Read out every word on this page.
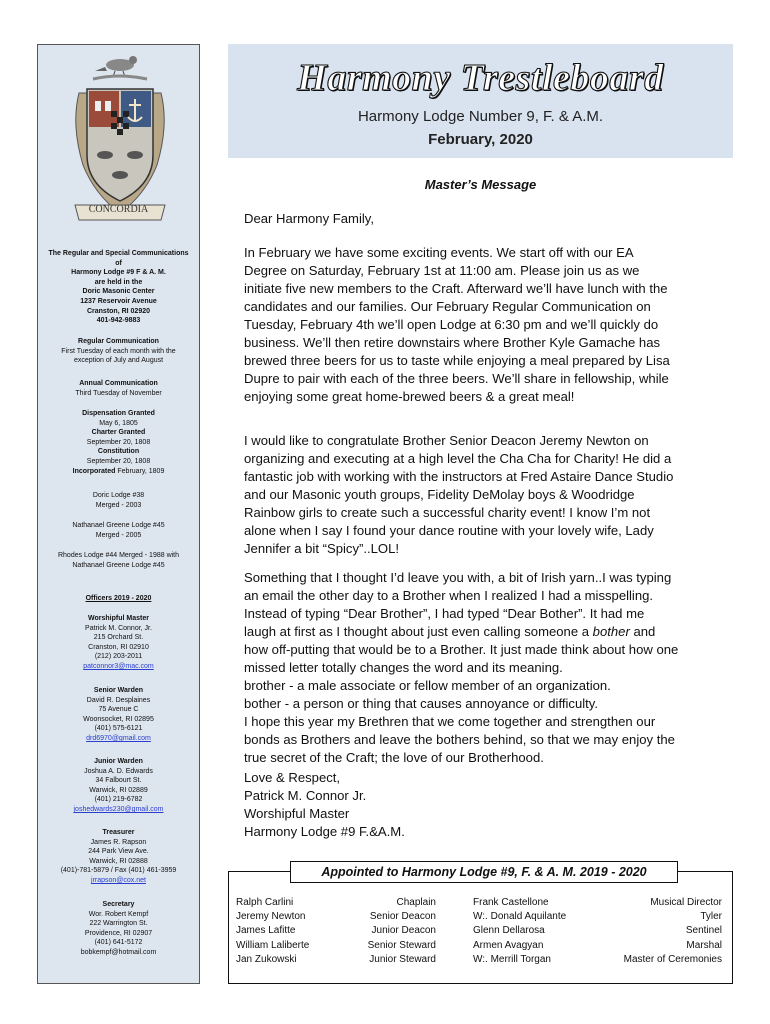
CONCORDIA
The Regular and Special Communications
of
Harmony Lodge #9 F & A. M.
are held in the
Doric Masonic Center
1237 Reservoir Avenue
Cranston, RI 02920
401-942-9883
Regular Communication
First Tuesday of each month with the
exception of July and August
Annual Communication
Third Tuesday of November
Dispensation Granted
May 6, 1805
Charter Granted
September 20, 1808
Constitution
September 20, 1808
Incorporated February, 1809
Doric Lodge #38
Merged - 2003
Nathanael Greene Lodge #45
Merged - 2005
Rhodes Lodge #44 Merged - 1988 with
Nathanael Greene Lodge #45
Officers 2019 - 2020
Worshipful Master
Patrick M. Connor, Jr.
215 Orchard St.
Cranston, RI 02910
(212) 203-2011
patconnor3@mac.com
Senior Warden
David R. Desplaines
75 Avenue C
Woonsocket, RI 02895
(401) 575-6121
drd6970@gmail.com
Junior Warden
Joshua A. D. Edwards
34 Falbourt St.
Warwick, RI 02889
(401) 219-6782
joshedwards230@gmail.com
Treasurer
James R. Rapson
244 Park View Ave.
Warwick, RI 02888
(401)-781-5879 / Fax (401) 461-3959
jrrapson@cox.net
Secretary
Wor. Robert Kempf
222 Warrington St.
Providence, RI 02907
(401) 641-5172
bobkempf@hotmail.com
Harmony Trestleboard
Harmony Lodge Number 9, F. & A.M.
February, 2020
Master’s Message
Dear Harmony Family,
In February we have some exciting events. We start off with our EA
Degree on Saturday, February 1st at 11:00 am. Please join us as we
initiate five new members to the Craft. Afterward we’ll have lunch with the
candidates and our families. Our February Regular Communication on
Tuesday, February 4th we’ll open Lodge at 6:30 pm and we’ll quickly do
business. We’ll then retire downstairs where Brother Kyle Gamache has
brewed three beers for us to taste while enjoying a meal prepared by Lisa
Dupre to pair with each of the three beers. We’ll share in fellowship, while
enjoying some great home-brewed beers & a great meal!
I would like to congratulate Brother Senior Deacon Jeremy Newton on
organizing and executing at a high level the Cha Cha for Charity! He did a
fantastic job with working with the instructors at Fred Astaire Dance Studio
and our Masonic youth groups, Fidelity DeMolay boys & Woodridge
Rainbow girls to create such a successful charity event! I know I’m not
alone when I say I found your dance routine with your lovely wife, Lady
Jennifer a bit “Spicy”..LOL!
Something that I thought I’d leave you with, a bit of Irish yarn..I was typing
an email the other day to a Brother when I realized I had a misspelling.
Instead of typing “Dear Brother”, I had typed “Dear Bother”. It had me
laugh at first as I thought about just even calling someone a bother and
how off-putting that would be to a Brother. It just made think about how one
missed letter totally changes the word and its meaning.
brother - a male associate or fellow member of an organization.
bother - a person or thing that causes annoyance or difficulty.
I hope this year my Brethren that we come together and strengthen our
bonds as Brothers and leave the bothers behind, so that we may enjoy the
true secret of the Craft; the love of our Brotherhood.
Love & Respect,
Patrick M. Connor Jr.
Worshipful Master
Harmony Lodge #9 F.&A.M.
Appointed to Harmony Lodge #9, F. & A. M. 2019 - 2020
Ralph Carlini
Jeremy Newton
James Lafitte
William Laliberte
Jan Zukowski
Chaplain
Senior Deacon
Junior Deacon
Senior Steward
Junior Steward
Frank Castellone
W:. Donald Aquilante
Glenn Dellarosa
Armen Avagyan
W:. Merrill Torgan
Musical Director
Tyler
Sentinel
Marshal
Master of Ceremonies
